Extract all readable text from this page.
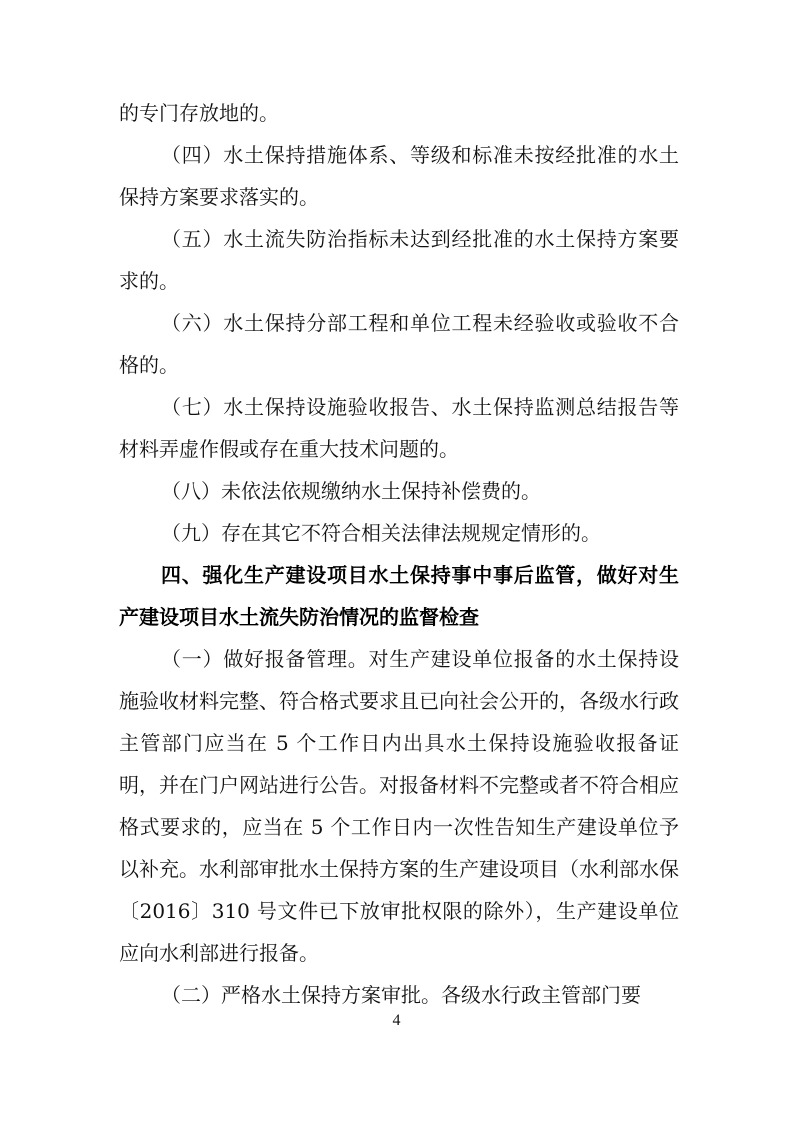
的专门存放地的。

（四）水土保持措施体系、等级和标准未按经批准的水土保持方案要求落实的。

（五）水土流失防治指标未达到经批准的水土保持方案要求的。

（六）水土保持分部工程和单位工程未经验收或验收不合格的。

（七）水土保持设施验收报告、水土保持监测总结报告等材料弄虚作假或存在重大技术问题的。

（八）未依法依规缴纳水土保持补偿费的。

（九）存在其它不符合相关法律法规规定情形的。

四、强化生产建设项目水土保持事中事后监管，做好对生产建设项目水土流失防治情况的监督检查

（一）做好报备管理。对生产建设单位报备的水土保持设施验收材料完整、符合格式要求且已向社会公开的，各级水行政主管部门应当在 5 个工作日内出具水土保持设施验收报备证明，并在门户网站进行公告。对报备材料不完整或者不符合相应格式要求的，应当在 5 个工作日内一次性告知生产建设单位予以补充。水利部审批水土保持方案的生产建设项目（水利部水保〔2016〕310 号文件已下放审批权限的除外），生产建设单位应向水利部进行报备。

（二）严格水土保持方案审批。各级水行政主管部门要

4
